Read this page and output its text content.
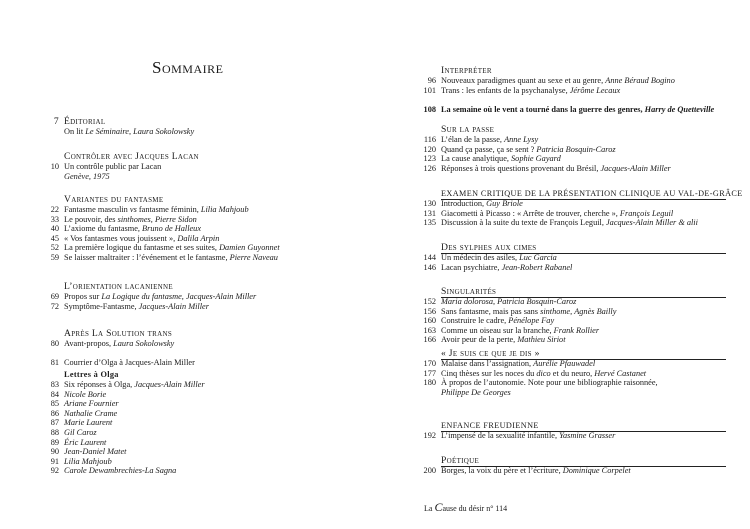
Sommaire
7 Éditorial
On lit Le Séminaire, Laura Sokolowsky
Contrôler avec Jacques Lacan
10 Un contrôle public par Lacan
Genève, 1975
Variantes du fantasme
22 Fantasme masculin vs fantasme féminin, Lilia Mahjoub
33 Le pouvoir, des sinthomes, Pierre Sidon
40 L’axiome du fantasme, Bruno de Halleux
45 « Vos fantasmes vous jouissent », Dalila Arpin
52 La première logique du fantasme et ses suites, Damien Guyonnet
59 Se laisser maltraiter : l’événement et le fantasme, Pierre Naveau
L’orientation lacanienne
69 Propos sur La Logique du fantasme, Jacques-Alain Miller
72 Symptôme-Fantasme, Jacques-Alain Miller
Après La Solution trans
80 Avant-propos, Laura Sokolowsky
81 Courrier d’Olga à Jacques-Alain Miller
Lettres à Olga
83 Six réponses à Olga, Jacques-Alain Miller
84 Nicole Borie
85 Ariane Fournier
86 Nathalie Crame
87 Marie Laurent
88 Gil Caroz
89 Éric Laurent
90 Jean-Daniel Matet
91 Lilia Mahjoub
92 Carole Dewambrechies-La Sagna
Interpréter
96 Nouveaux paradigmes quant au sexe et au genre, Anne Béraud Bogino
101 Trans : les enfants de la psychanalyse, Jérôme Lecaux
108 La semaine où le vent a tourné dans la guerre des genres, Harry de Quetteville
Sur la passe
116 L’élan de la passe, Anne Lysy
120 Quand ça passe, ça se sent ? Patricia Bosquin-Caroz
123 La cause analytique, Sophie Gayard
126 Réponses à trois questions provenant du Brésil, Jacques-Alain Miller
EXAMEN CRITIQUE DE LA PRÉSENTATION CLINIQUE AU VAL-DE-GRÂCE
130 Introduction, Guy Briole
131 Giacometti à Picasso : « Arrête de trouver, cherche », François Leguil
135 Discussion à la suite du texte de François Leguil, Jacques-Alain Miller & alii
Des sylphes aux cimes
144 Un médecin des asiles, Luc Garcia
146 Lacan psychiatre, Jean-Robert Rabanel
Singularités
152 Maria dolorosa, Patricia Bosquin-Caroz
156 Sans fantasme, mais pas sans sinthome, Agnès Bailly
160 Construire le cadre, Pénélope Fay
163 Comme un oiseau sur la branche, Frank Rollier
166 Avoir peur de la perte, Mathieu Siriot
« Je suis ce que je dis »
170 Malaise dans l’assignation, Aurélie Pfauwadel
177 Cinq thèses sur les noces du dico et du neuro, Hervé Castanet
180 À propos de l’autonomie. Note pour une bibliographie raisonnée,
Philippe De Georges
ENFANCE FREUDIENNE
192 L’impensé de la sexualité infantile, Yasmine Grasser
Poétique
200 Borges, la voix du père et l’écriture, Dominique Corpelet
La Cause du désir n° 114
